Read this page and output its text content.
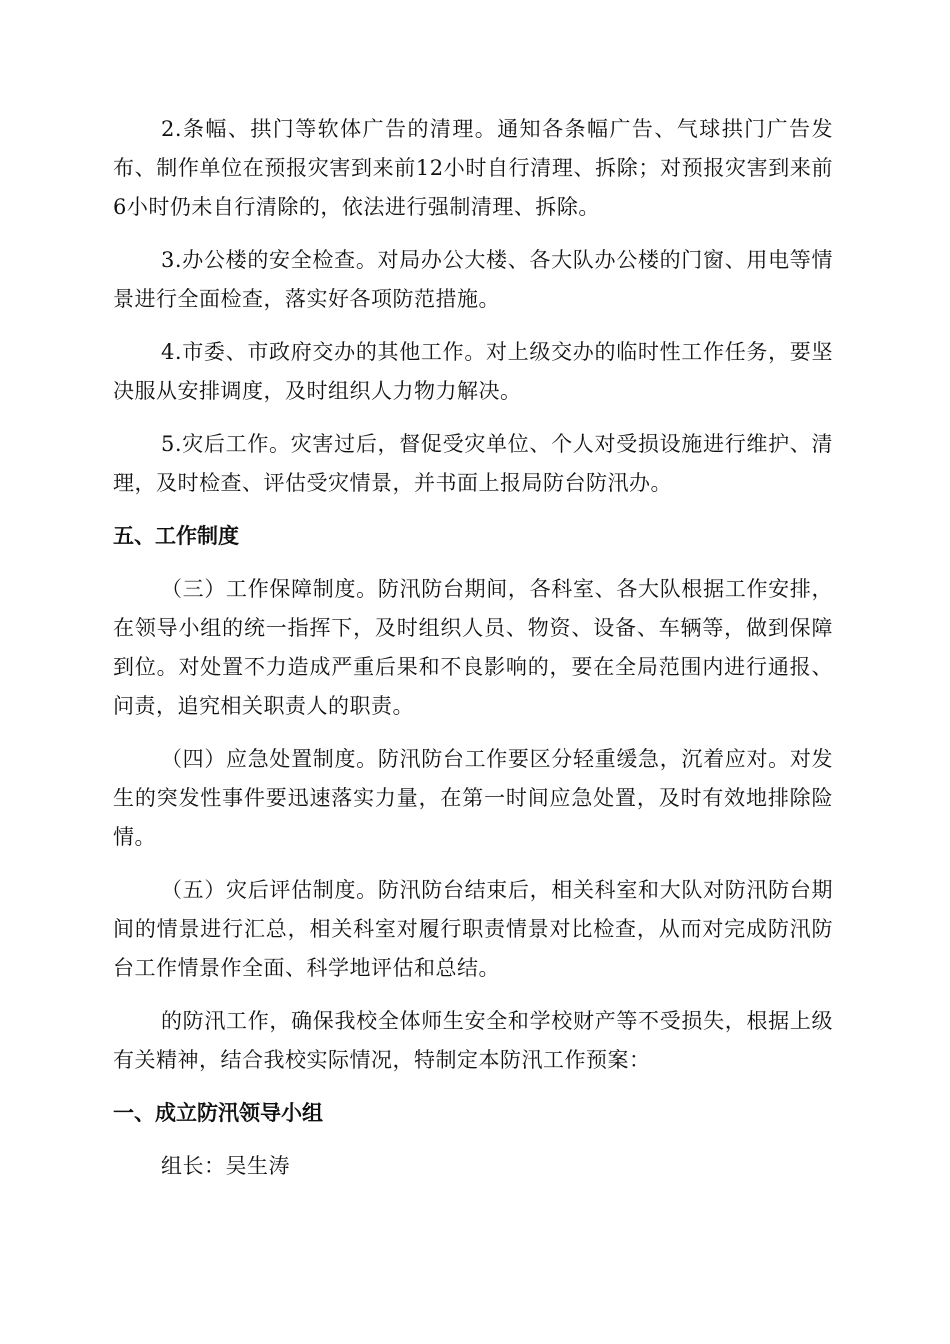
2.条幅、拱门等软体广告的清理。通知各条幅广告、气球拱门广告发布、制作单位在预报灾害到来前12小时自行清理、拆除；对预报灾害到来前6小时仍未自行清除的，依法进行强制清理、拆除。

3.办公楼的安全检查。对局办公大楼、各大队办公楼的门窗、用电等情景进行全面检查，落实好各项防范措施。

4.市委、市政府交办的其他工作。对上级交办的临时性工作任务，要坚决服从安排调度，及时组织人力物力解决。

5.灾后工作。灾害过后，督促受灾单位、个人对受损设施进行维护、清理，及时检查、评估受灾情景，并书面上报局防台防汛办。

五、工作制度

（三）工作保障制度。防汛防台期间，各科室、各大队根据工作安排，在领导小组的统一指挥下，及时组织人员、物资、设备、车辆等，做到保障到位。对处置不力造成严重后果和不良影响的，要在全局范围内进行通报、问责，追究相关职责人的职责。

（四）应急处置制度。防汛防台工作要区分轻重缓急，沉着应对。对发生的突发性事件要迅速落实力量，在第一时间应急处置，及时有效地排除险情。

（五）灾后评估制度。防汛防台结束后，相关科室和大队对防汛防台期间的情景进行汇总，相关科室对履行职责情景对比检查，从而对完成防汛防台工作情景作全面、科学地评估和总结。

的防汛工作，确保我校全体师生安全和学校财产等不受损失，根据上级有关精神，结合我校实际情况，特制定本防汛工作预案：

一、成立防汛领导小组

组长：吴生涛
